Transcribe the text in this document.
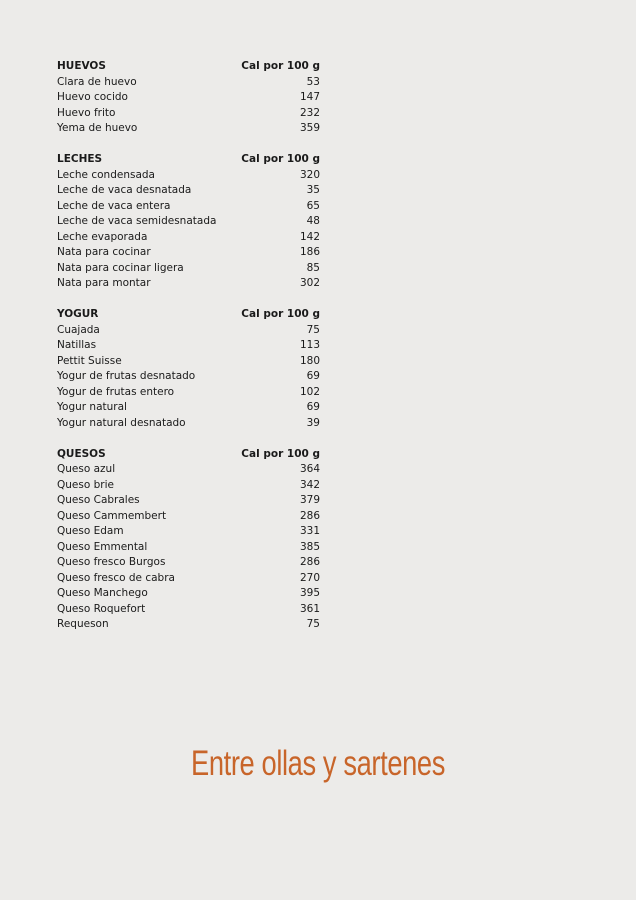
HUEVOS	Cal por 100 g
Clara de huevo	53
Huevo cocido	147
Huevo frito	232
Yema de huevo	359
LECHES	Cal por 100 g
Leche condensada	320
Leche de vaca desnatada	35
Leche de vaca entera	65
Leche de vaca semidesnatada	48
Leche evaporada	142
Nata para cocinar	186
Nata para cocinar ligera	85
Nata para montar	302
YOGUR	Cal por 100 g
Cuajada	75
Natillas	113
Pettit Suisse	180
Yogur de frutas desnatado	69
Yogur de frutas entero	102
Yogur natural	69
Yogur natural desnatado	39
QUESOS	Cal por 100 g
Queso azul	364
Queso brie	342
Queso Cabrales	379
Queso Cammembert	286
Queso Edam	331
Queso Emmental	385
Queso fresco Burgos	286
Queso fresco de cabra	270
Queso Manchego	395
Queso Roquefort	361
Requeson	75
Entre ollas y sartenes
